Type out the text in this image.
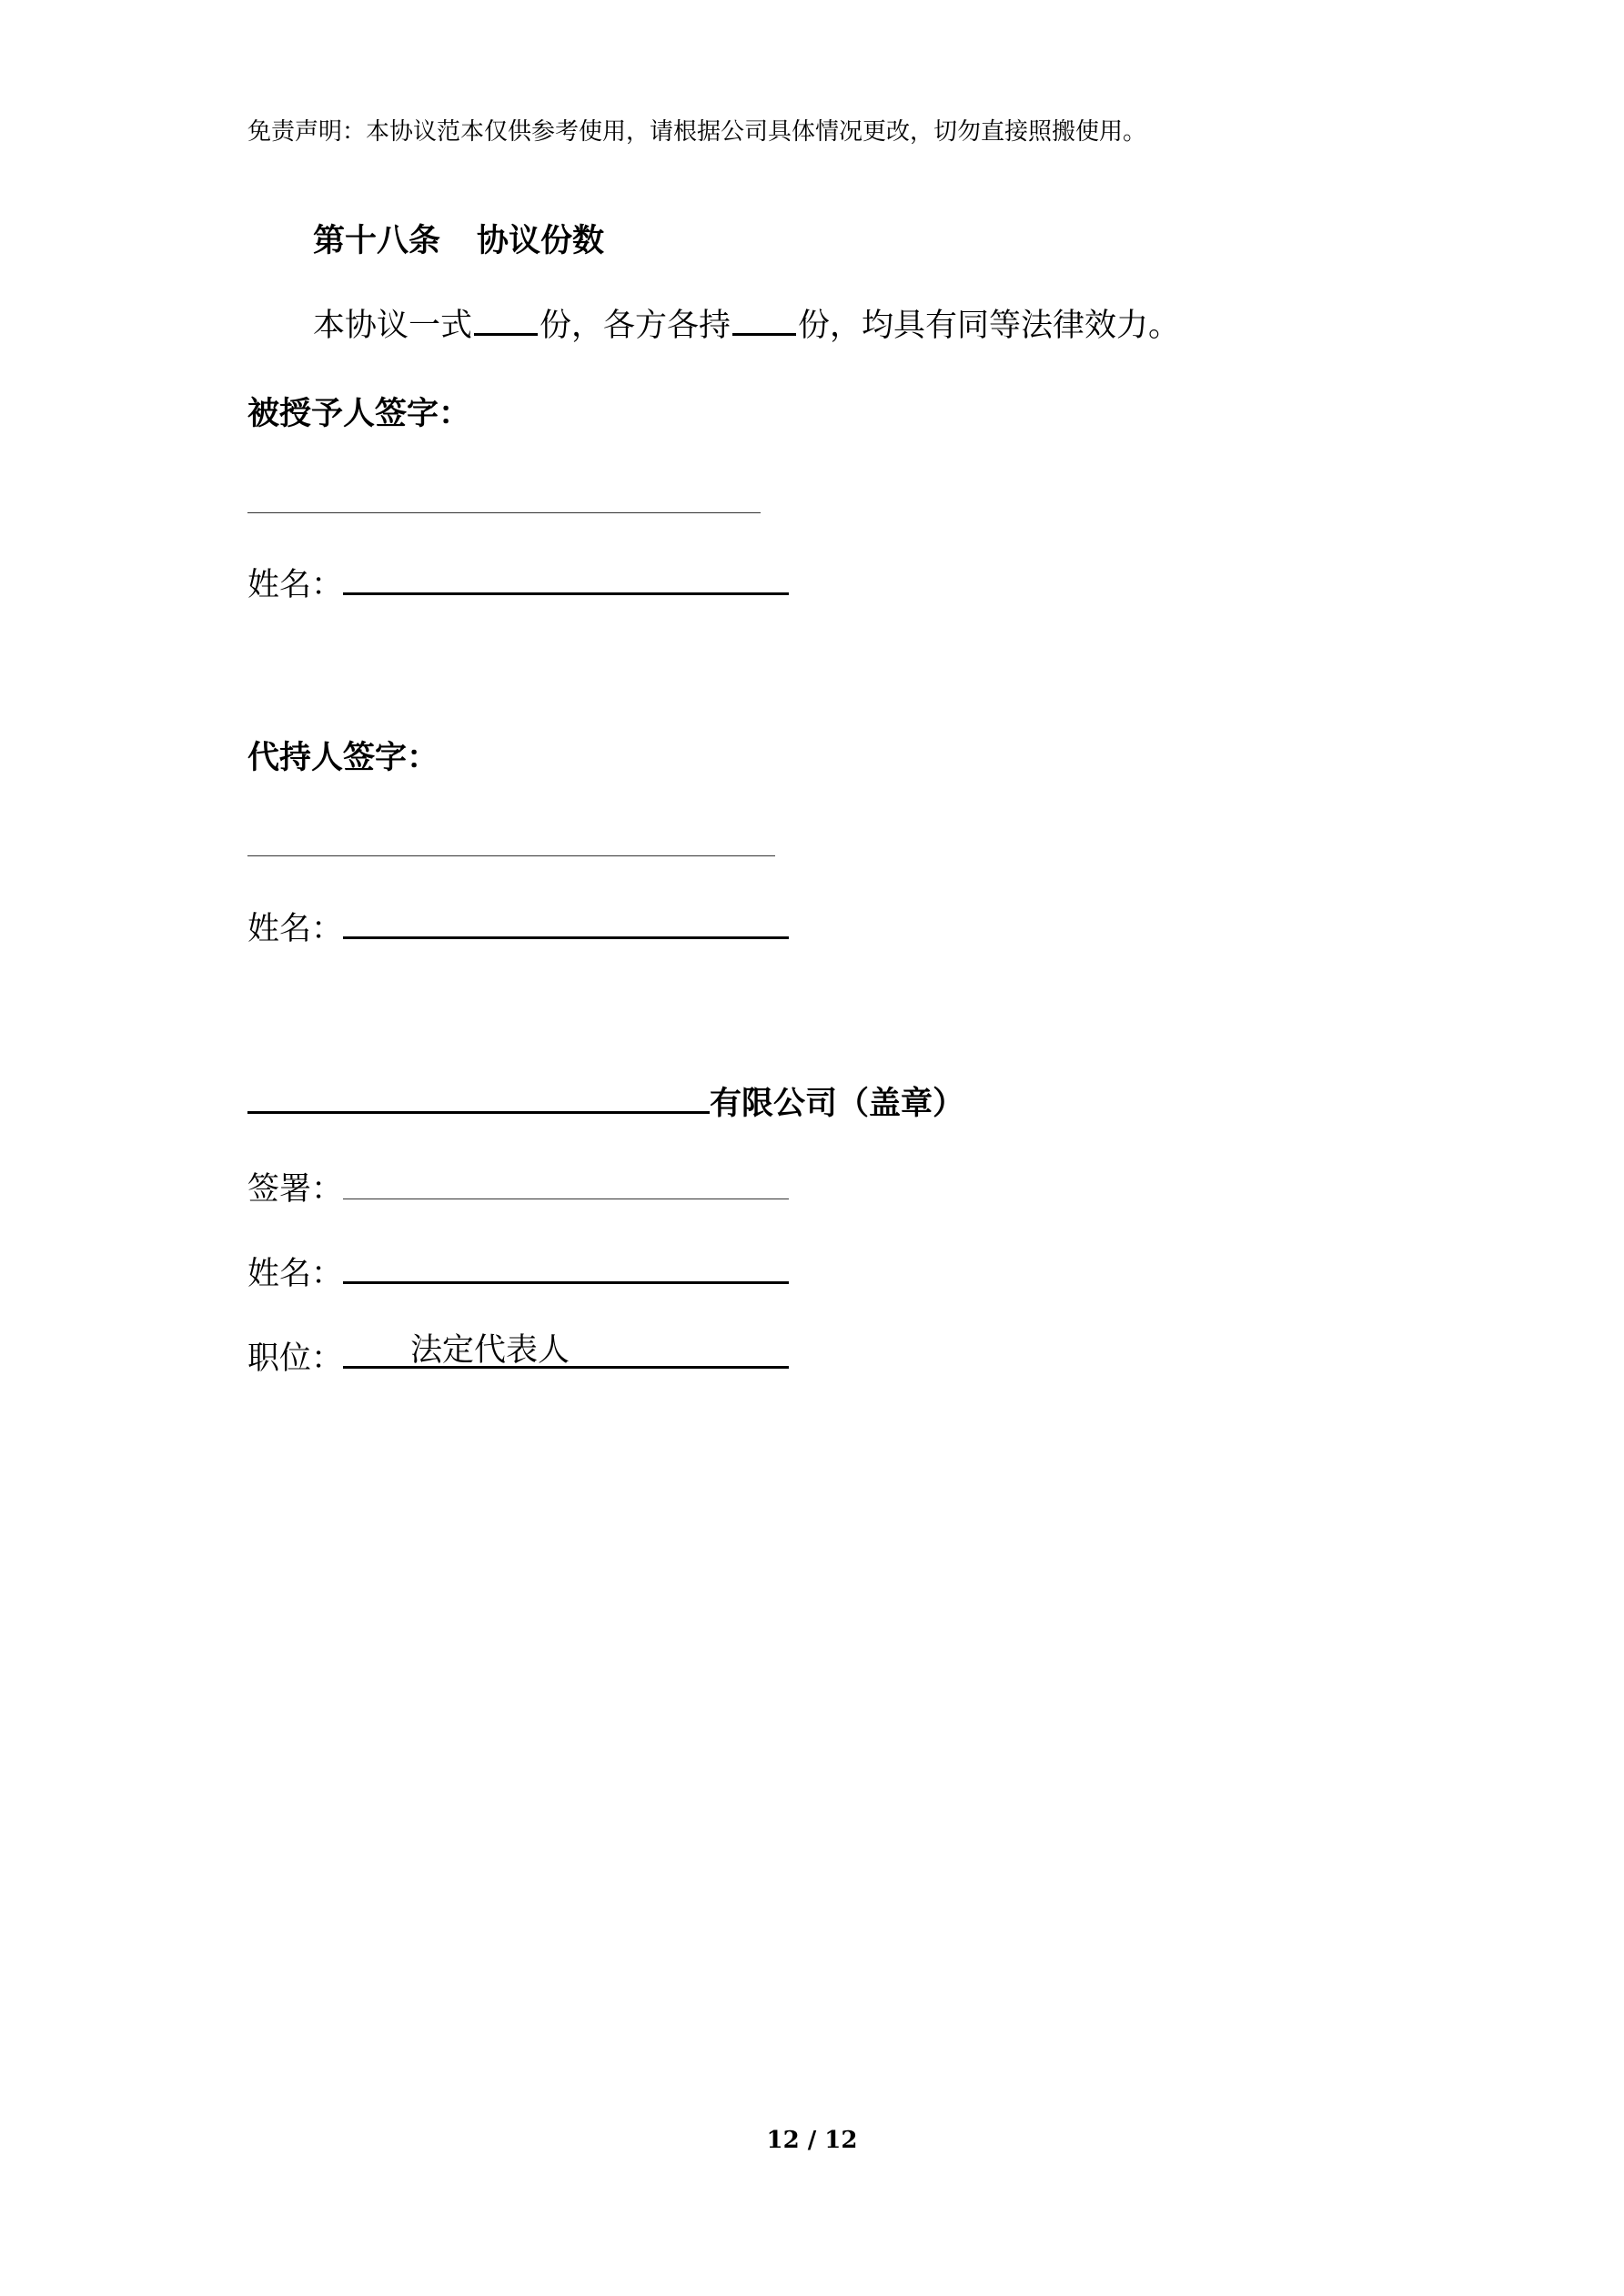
免责声明：本协议范本仅供参考使用，请根据公司具体情况更改，切勿直接照搬使用。
第十八条 协议份数
本协议一式 份，各方各持 份，均具有同等法律效力。
被授予人签字：
姓名：
代持人签字：
姓名：
有限公司（盖章）
签署：
姓名：
职位： 法定代表人
12 / 12
